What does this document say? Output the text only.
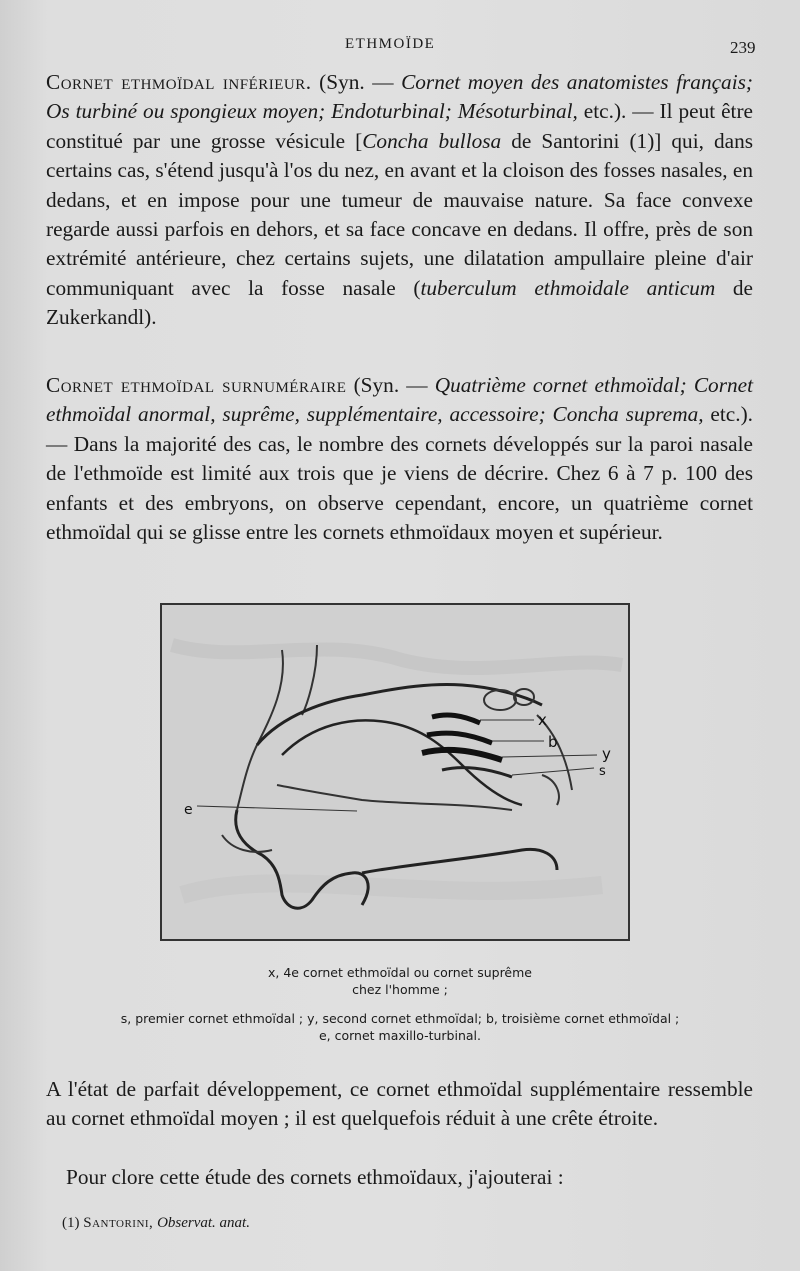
ETHMOÏDE	239

Cornet ethmoïdal inférieur. (Syn. — Cornet moyen des anatomistes français; Os turbiné ou spongieux moyen; Endoturbinal; Mésoturbinal, etc.). — Il peut être constitué par une grosse vésicule [Concha bullosa de Santorini (1)] qui, dans certains cas, s'étend jusqu'à l'os du nez, en avant et la cloison des fosses nasales, en dedans, et en impose pour une tumeur de mauvaise nature. Sa face convexe regarde aussi parfois en dehors, et sa face concave en dedans. Il offre, près de son extrémité antérieure, chez certains sujets, une dilatation ampullaire pleine d'air communiquant avec la fosse nasale (tuberculum ethmoidale anticum de Zukerkandl).

Cornet ethmoïdal surnuméraire (Syn. — Quatrième cornet ethmoïdal; Cornet ethmoïdal anormal, suprême, supplémentaire, accessoire; Concha suprema, etc.). — Dans la majorité des cas, le nombre des cornets développés sur la paroi nasale de l'ethmoïde est limité aux trois que je viens de décrire. Chez 6 à 7 p. 100 des enfants et des embryons, on observe cependant, encore, un quatrième cornet ethmoïdal qui se glisse entre les cornets ethmoïdaux moyen et supérieur.

x
b
y
s
e
x, 4e cornet ethmoïdal ou cornet suprême
chez l'homme ;
s, premier cornet ethmoïdal ; y, second cornet ethmoïdal; b, troisième cornet ethmoïdal ;
e, cornet maxillo-turbinal.

A l'état de parfait développement, ce cornet ethmoïdal supplémentaire ressemble au cornet ethmoïdal moyen ; il est quelquefois réduit à une crête étroite.

Pour clore cette étude des cornets ethmoïdaux, j'ajouterai :

(1) Santorini, Observat. anat.
